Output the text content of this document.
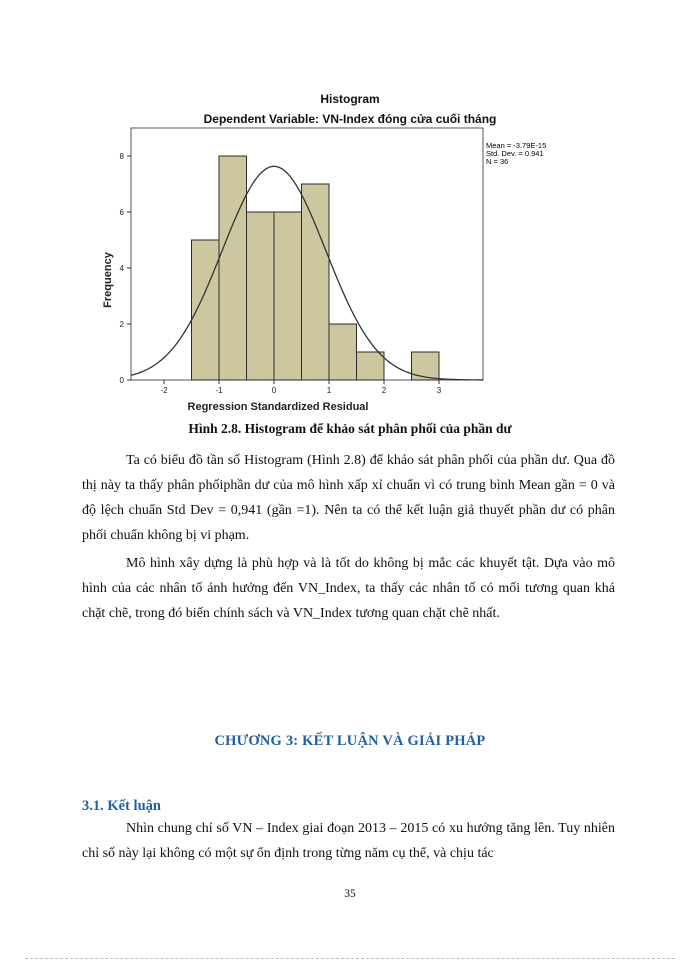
Histogram
Dependent Variable: VN-Index đóng cửa cuối tháng
-2	-1	0	1	2	3
0
2
4
6
8
Frequency
Regression Standardized Residual
Mean = -3.79E-15
Std. Dev. = 0.941
N = 36
Hình 2.8. Histogram để khảo sát phân phối của phần dư

Ta có biểu đồ tần số Histogram (Hình 2.8) để khảo sát phân phối của phần dư. Qua đồ thị này ta thấy phân phốiphần dư của mô hình xấp xỉ chuẩn vì có trung bình Mean gần = 0 và độ lệch chuẩn Std Dev = 0,941 (gần =1). Nên ta có thể kết luận giả thuyết phần dư có phân phối chuẩn không bị vi phạm.

Mô hình xây dựng là phù hợp và là tốt do không bị mắc các khuyết tật. Dựa vào mô hình của các nhân tố ảnh hưởng đến VN_Index, ta thấy các nhân tố có mối tương quan khá chặt chẽ, trong đó biến chính sách và VN_Index tương quan chặt chẽ nhất.

CHƯƠNG 3: KẾT LUẬN VÀ GIẢI PHÁP
3.1. Kết luận

Nhìn chung chỉ số VN – Index giai đoạn 2013 – 2015 có xu hướng tăng lên. Tuy nhiên chỉ số này lại không có một sự ổn định trong từng năm cụ thể, và chịu tác

35
